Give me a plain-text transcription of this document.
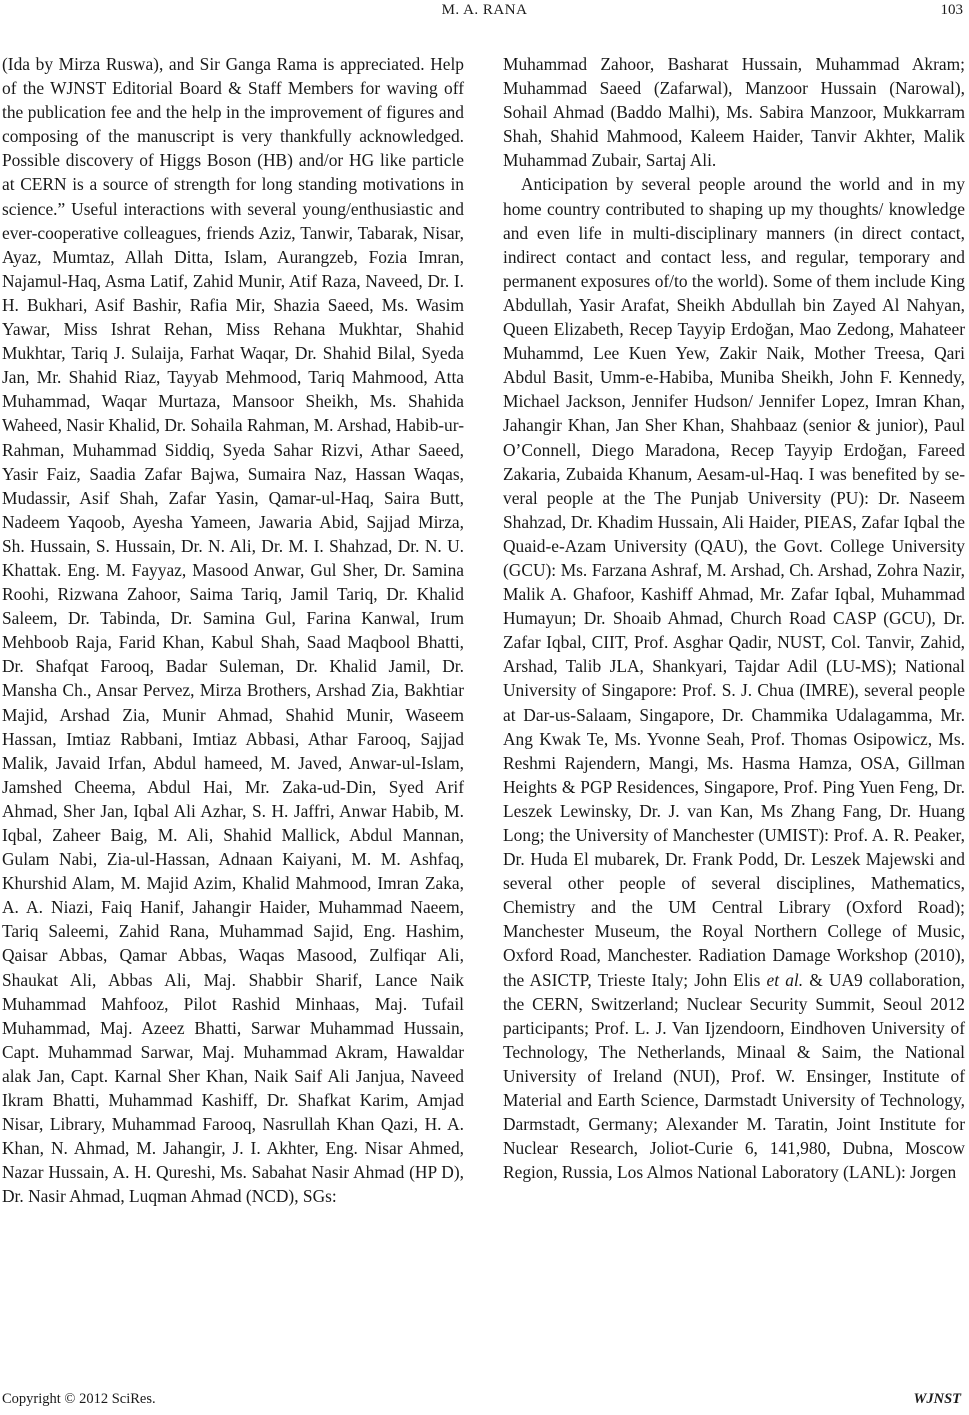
M. A. RANA	103

(Ida by Mirza Ruswa), and Sir Ganga Rama is appreciated. Help of the WJNST Editorial Board & Staff Members for waving off the publication fee and the help in the improvement of figures and composing of the manuscript is very thankfully acknowledged. Possible discovery of Higgs Boson (HB) and/or HG like particle at CERN is a source of strength for long standing motivations in science.” Useful interactions with several young/enthusiastic and ever-cooperative colleagues, friends Aziz, Tanwir, Tabarak, Nisar, Ayaz, Mumtaz, Allah Ditta, Islam, Aurangzeb, Fozia Imran, Najamul-Haq, Asma Latif, Zahid Munir, Atif Raza, Naveed, Dr. I. H. Bukhari, Asif Bashir, Rafia Mir, Shazia Saeed, Ms. Wasim Yawar, Miss Ishrat Rehan, Miss Rehana Mukhtar, Shahid Mukhtar, Tariq J. Sulaija, Farhat Waqar, Dr. Shahid Bilal, Syeda Jan, Mr. Shahid Riaz, Tayyab Mehmood, Tariq Mahmood, Atta Muhammad, Waqar Murtaza, Mansoor Sheikh, Ms. Shahida Waheed, Nasir Khalid, Dr. Sohaila Rahman, M. Arshad, Habib-ur-Rahman, Muhammad Siddiq, Syeda Sahar Rizvi, Athar Saeed, Yasir Faiz, Saadia Zafar Bajwa, Sumaira Naz, Hassan Waqas, Mudassir, Asif Shah, Zafar Yasin, Qamar-ul-Haq, Saira Butt, Nadeem Yaqoob, Ayesha Yameen, Jawaria Abid, Sajjad Mirza, Sh. Hussain, S. Hussain, Dr. N. Ali, Dr. M. I. Shahzad, Dr. N. U. Khattak. Eng. M. Fayyaz, Masood Anwar, Gul Sher, Dr. Samina Roohi, Rizwana Zahoor, Saima Tariq, Jamil Tariq, Dr. Khalid Saleem, Dr. Tabinda, Dr. Samina Gul, Farina Kanwal, Irum Mehboob Raja, Farid Khan, Kabul Shah, Saad Maqbool Bhatti, Dr. Shafqat Farooq, Badar Suleman, Dr. Khalid Jamil, Dr. Mansha Ch., Ansar Pervez, Mirza Brothers, Arshad Zia, Bakhtiar Majid, Arshad Zia, Munir Ahmad, Shahid Munir, Waseem Hassan, Imtiaz Rabbani, Imtiaz Abbasi, Athar Farooq, Sajjad Malik, Javaid Irfan, Abdul hameed, M. Javed, Anwar-ul-Islam, Jamshed Cheema, Abdul Hai, Mr. Zaka-ud-Din, Syed Arif Ahmad, Sher Jan, Iqbal Ali Azhar, S. H. Jaffri, Anwar Habib, M. Iqbal, Zaheer Baig, M. Ali, Shahid Mallick, Abdul Mannan, Gulam Nabi, Zia-ul-Hassan, Adnaan Kaiyani, M. M. Ashfaq, Khurshid Alam, M. Majid Azim, Khalid Mahmood, Imran Zaka, A. A. Niazi, Faiq Hanif, Jahangir Haider, Muhammad Naeem, Tariq Saleemi, Zahid Rana, Muhammad Sajid, Eng. Hashim, Qaisar Abbas, Qamar Abbas, Waqas Masood, Zulfiqar Ali, Shaukat Ali, Abbas Ali, Maj. Shabbir Sharif, Lance Naik Muhammad Mahfooz, Pilot Rashid Minhaas, Maj. Tufail Muhammad, Maj. Azeez Bhatti, Sarwar Muhammad Hussain, Capt. Muhammad Sarwar, Maj. Muhammad Akram, Hawaldar alak Jan, Capt. Karnal Sher Khan, Naik Saif Ali Janjua, Naveed Ikram Bhatti, Muhammad Kashiff, Dr. Shafkat Karim, Amjad Nisar, Library, Muhammad Farooq, Nasrullah Khan Qazi, H. A. Khan, N. Ahmad, M. Jahangir, J. I. Akhter, Eng. Nisar Ahmed, Nazar Hussain, A. H. Qureshi, Ms. Sabahat Nasir Ahmad (HP D), Dr. Nasir Ahmad, Luqman Ahmad (NCD), SGs:

Muhammad Zahoor, Basharat Hussain, Muhammad Akram; Muhammad Saeed (Zafarwal), Manzoor Hussain (Narowal), Sohail Ahmad (Baddo Malhi), Ms. Sabira Manzoor, Mukkarram Shah, Shahid Mahmood, Kaleem Haider, Tanvir Akhter, Malik Muhammad Zubair, Sartaj Ali.

Anticipation by several people around the world and in my home country contributed to shaping up my thoughts/ knowledge and even life in multi-disciplinary manners (in direct contact, indirect contact and contact less, and regular, temporary and permanent exposures of/to the world). Some of them include King Abdullah, Yasir Arafat, Sheikh Abdullah bin Zayed Al Nahyan, Queen Elizabeth, Recep Tayyip Erdoğan, Mao Zedong, Mahateer Muhammd, Lee Kuen Yew, Zakir Naik, Mother Treesa, Qari Abdul Basit, Umm-e-Habiba, Muniba Sheikh, John F. Kennedy, Michael Jackson, Jennifer Hudson/ Jennifer Lopez, Imran Khan, Jahangir Khan, Jan Sher Khan, Shahbaaz (senior & junior), Paul O’Connell, Diego Maradona, Recep Tayyip Erdoğan, Fareed Zakaria, Zubaida Khanum, Aesam-ul-Haq. I was benefited by several people at the The Punjab University (PU): Dr. Naseem Shahzad, Dr. Khadim Hussain, Ali Haider, PIEAS, Zafar Iqbal the Quaid-e-Azam University (QAU), the Govt. College University (GCU): Ms. Farzana Ashraf, M. Arshad, Ch. Arshad, Zohra Nazir, Malik A. Ghafoor, Kashiff Ahmad, Mr. Zafar Iqbal, Muhammad Humayun; Dr. Shoaib Ahmad, Church Road CASP (GCU), Dr. Zafar Iqbal, CIIT, Prof. Asghar Qadir, NUST, Col. Tanvir, Zahid, Arshad, Talib JLA, Shankyari, Tajdar Adil (LU-MS); National University of Singapore: Prof. S. J. Chua (IMRE), several people at Dar-us-Salaam, Singapore, Dr. Chammika Udalagamma, Mr. Ang Kwak Te, Ms. Yvonne Seah, Prof. Thomas Osipowicz, Ms. Reshmi Rajendern, Mangi, Ms. Hasma Hamza, OSA, Gillman Heights & PGP Residences, Singapore, Prof. Ping Yuen Feng, Dr. Leszek Lewinsky, Dr. J. van Kan, Ms Zhang Fang, Dr. Huang Long; the University of Manchester (UMIST): Prof. A. R. Peaker, Dr. Huda El mubarek, Dr. Frank Podd, Dr. Leszek Majewski and several other people of several disciplines, Mathematics, Chemistry and the UM Central Library (Oxford Road); Manchester Museum, the Royal Northern College of Music, Oxford Road, Manchester. Radiation Damage Workshop (2010), the ASICTP, Trieste Italy; John Elis et al. & UA9 collaboration, the CERN, Switzerland; Nuclear Security Summit, Seoul 2012 participants; Prof. L. J. Van Ijzendoorn, Eindhoven University of Technology, The Netherlands, Minaal & Saim, the National University of Ireland (NUI), Prof. W. Ensinger, Institute of Material and Earth Science, Darmstadt University of Technology, Darmstadt, Germany; Alexander M. Taratin, Joint Institute for Nuclear Research, Joliot-Curie 6, 141,980, Dubna, Moscow Region, Russia, Los Almos National Laboratory (LANL): Jorgen

Copyright © 2012 SciRes.	WJNST
